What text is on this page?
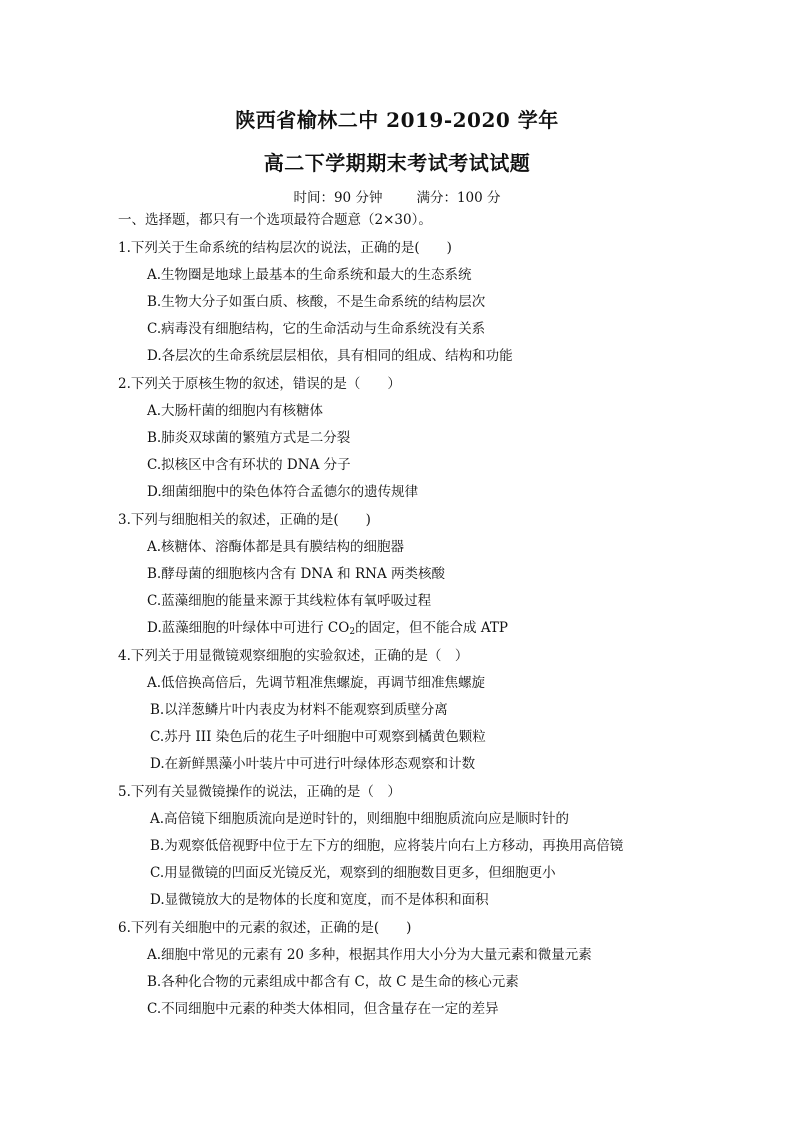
陕西省榆林二中 2019-2020 学年
高二下学期期末考试考试试题
时间：90 分钟	满分：100 分
一、选择题，都只有一个选项最符合题意（2×30）。
1.下列关于生命系统的结构层次的说法，正确的是(　　)
A.生物圈是地球上最基本的生命系统和最大的生态系统
B.生物大分子如蛋白质、核酸，不是生命系统的结构层次
C.病毒没有细胞结构，它的生命活动与生命系统没有关系
D.各层次的生命系统层层相依，具有相同的组成、结构和功能
2.下列关于原核生物的叙述，错误的是（　　）
A.大肠杆菌的细胞内有核糖体
B.肺炎双球菌的繁殖方式是二分裂
C.拟核区中含有环状的 DNA 分子
D.细菌细胞中的染色体符合孟德尔的遗传规律
3.下列与细胞相关的叙述，正确的是(　　)
A.核糖体、溶酶体都是具有膜结构的细胞器
B.酵母菌的细胞核内含有 DNA 和 RNA 两类核酸
C.蓝藻细胞的能量来源于其线粒体有氧呼吸过程
D.蓝藻细胞的叶绿体中可进行 $CO_2$的固定，但不能合成 ATP
4.下列关于用显微镜观察细胞的实验叙述，正确的是（　）
A.低倍换高倍后，先调节粗准焦螺旋，再调节细准焦螺旋
B.以洋葱鳞片叶内表皮为材料不能观察到质壁分离
C.苏丹 III 染色后的花生子叶细胞中可观察到橘黄色颗粒
D.在新鲜黑藻小叶装片中可进行叶绿体形态观察和计数
5.下列有关显微镜操作的说法，正确的是（　）
A.高倍镜下细胞质流向是逆时针的，则细胞中细胞质流向应是顺时针的
B.为观察低倍视野中位于左下方的细胞，应将装片向右上方移动，再换用高倍镜
C.用显微镜的凹面反光镜反光，观察到的细胞数目更多，但细胞更小
D.显微镜放大的是物体的长度和宽度，而不是体积和面积
6.下列有关细胞中的元素的叙述，正确的是(　　)
A.细胞中常见的元素有 20 多种，根据其作用大小分为大量元素和微量元素
B.各种化合物的元素组成中都含有 C，故 C 是生命的核心元素
C.不同细胞中元素的种类大体相同，但含量存在一定的差异
